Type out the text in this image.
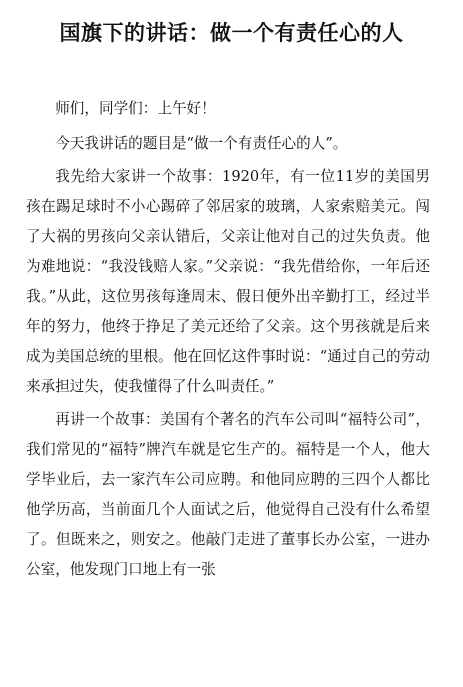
国旗下的讲话：做一个有责任心的人

师们，同学们：上午好！

今天我讲话的题目是“做一个有责任心的人”。

我先给大家讲一个故事：1920年，有一位11岁的美国男孩在踢足球时不小心踢碎了邻居家的玻璃，人家索赔美元。闯了大祸的男孩向父亲认错后，父亲让他对自己的过失负责。他为难地说：“我没钱赔人家。”父亲说：“我先借给你，一年后还我。”从此，这位男孩每逢周末、假日便外出辛勤打工，经过半年的努力，他终于挣足了美元还给了父亲。这个男孩就是后来成为美国总统的里根。他在回忆这件事时说：“通过自己的劳动来承担过失，使我懂得了什么叫责任。”

再讲一个故事：美国有个著名的汽车公司叫“福特公司”，我们常见的“福特”牌汽车就是它生产的。福特是一个人，他大学毕业后，去一家汽车公司应聘。和他同应聘的三四个人都比他学历高，当前面几个人面试之后，他觉得自己没有什么希望了。但既来之，则安之。他敲门走进了董事长办公室，一进办公室，他发现门口地上有一张
